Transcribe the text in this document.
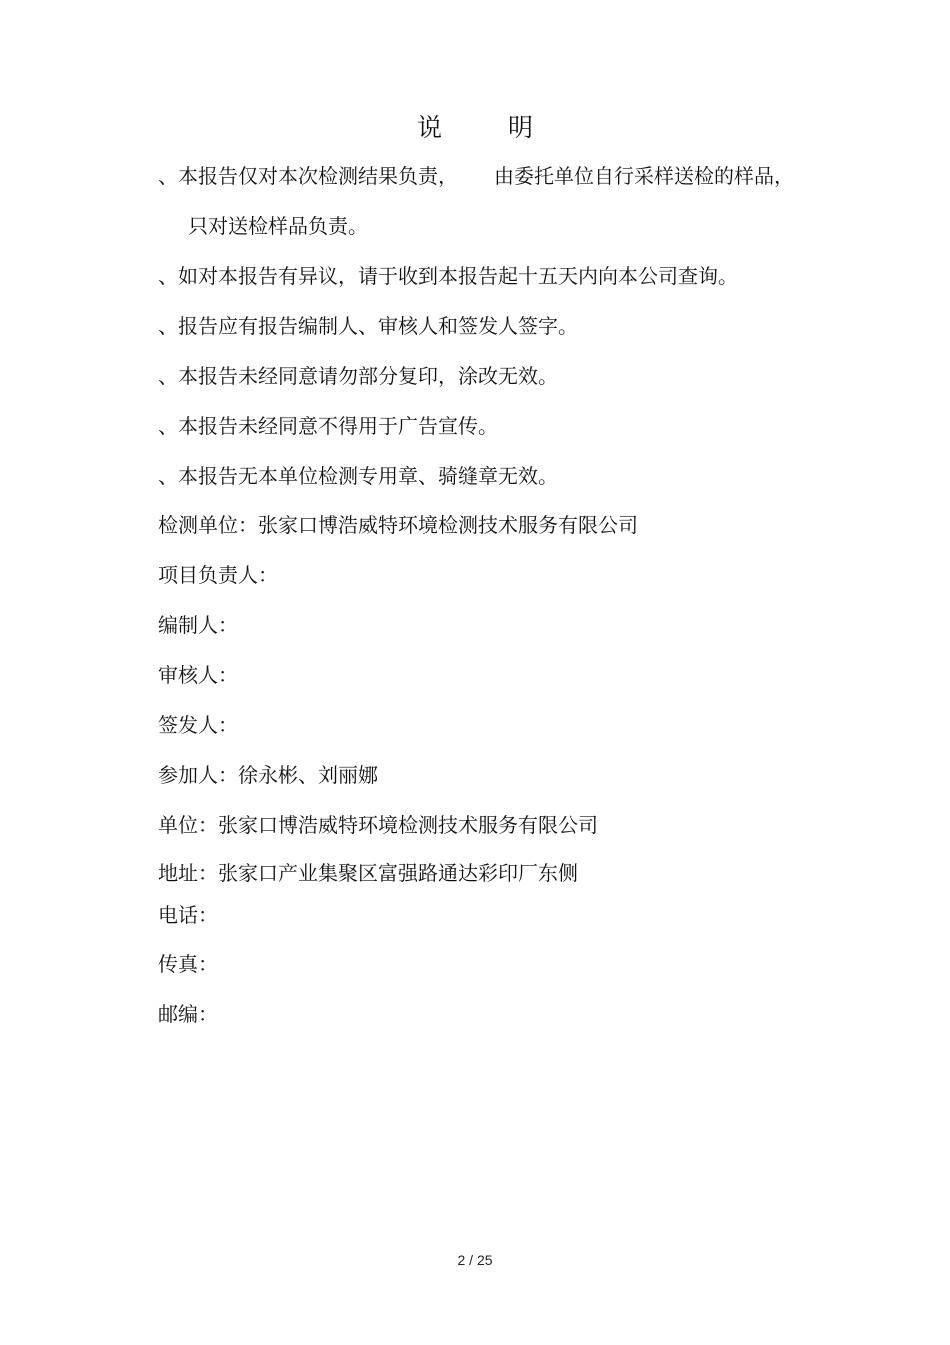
说	明
、本报告仅对本次检测结果负责， 由委托单位自行采样送检的样品，
只对送检样品负责。
、如对本报告有异议，请于收到本报告起十五天内向本公司查询。
、报告应有报告编制人、审核人和签发人签字。
、本报告未经同意请勿部分复印，涂改无效。
、本报告未经同意不得用于广告宣传。
、本报告无本单位检测专用章、骑缝章无效。
检测单位：张家口博浩威特环境检测技术服务有限公司
项目负责人：
编制人：
审核人：
签发人：
参加人：徐永彬、刘丽娜
单位：张家口博浩威特环境检测技术服务有限公司
地址：张家口产业集聚区富强路通达彩印厂东侧
电话：
传真：
邮编：
2 / 25
